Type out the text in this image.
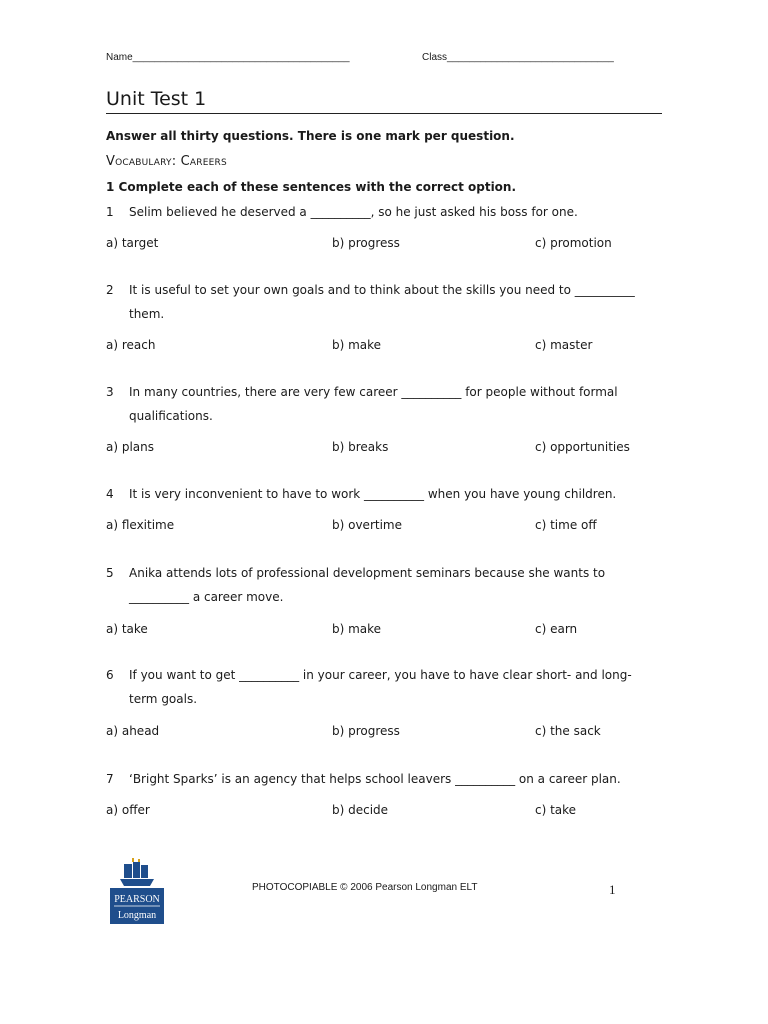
Name_______________________________________	Class______________________________
Unit Test 1
Answer all thirty questions. There is one mark per question.
Vocabulary: Careers
1 Complete each of these sentences with the correct option.
1 Selim believed he deserved a __________, so he just asked his boss for one.
a) target	b) progress	c) promotion
2 It is useful to set your own goals and to think about the skills you need to __________
them.
a) reach	b) make	c) master
3 In many countries, there are very few career __________ for people without formal
qualifications.
a) plans	b) breaks	c) opportunities
4 It is very inconvenient to have to work __________ when you have young children.
a) flexitime	b) overtime	c) time off
5 Anika attends lots of professional development seminars because she wants to
__________ a career move.
a) take	b) make	c) earn
6 If you want to get __________ in your career, you have to have clear short- and long-
term goals.
a) ahead	b) progress	c) the sack
7 ‘Bright Sparks’ is an agency that helps school leavers __________ on a career plan.
a) offer	b) decide	c) take
PEARSON
Longman
PHOTOCOPIABLE © 2006 Pearson Longman ELT	1
